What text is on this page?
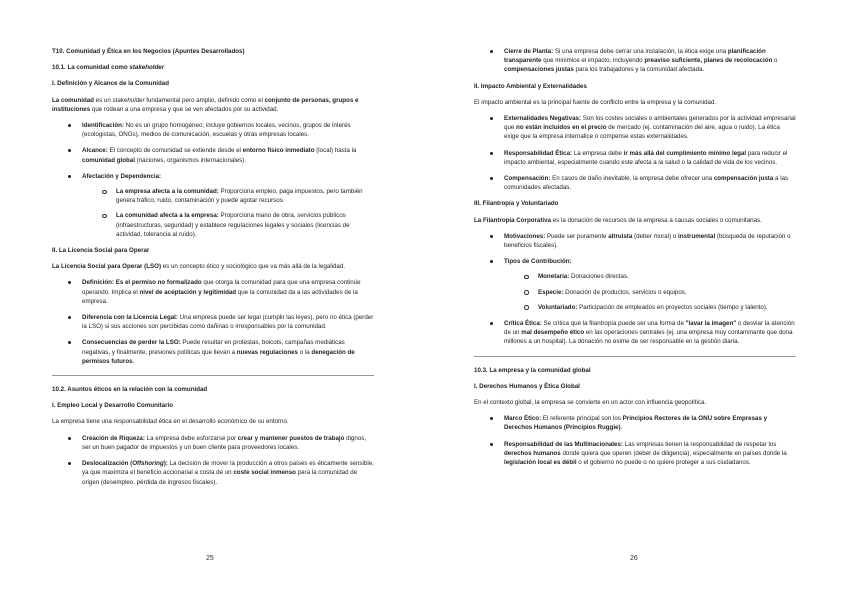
T10. Comunidad y Ética en los Negocios (Apuntes Desarrollados)

10.1. La comunidad como stakeholder

I. Definición y Alcance de la Comunidad

La comunidad es un stakeholder fundamental pero amplio, definido como el conjunto de personas, grupos e instituciones que rodean a una empresa y que se ven afectados por su actividad.

Identificación: No es un grupo homogéneo; incluye gobiernos locales, vecinos, grupos de interés (ecologistas, ONGs), medios de comunicación, escuelas y otras empresas locales.
Alcance: El concepto de comunidad se extiende desde el entorno físico inmediato (local) hasta la comunidad global (naciones, organismos internacionales).
Afectación y Dependencia:
La empresa afecta a la comunidad: Proporciona empleo, paga impuestos, pero también genera tráfico, ruido, contaminación y puede agotar recursos.
La comunidad afecta a la empresa: Proporciona mano de obra, servicios públicos (infraestructuras, seguridad) y establece regulaciones legales y sociales (licencias de actividad, tolerancia al ruido).

II. La Licencia Social para Operar

La Licencia Social para Operar (LSO) es un concepto ético y sociológico que va más allá de la legalidad.

Definición: Es el permiso no formalizado que otorga la comunidad para que una empresa continúe operando. Implica el nivel de aceptación y legitimidad que la comunidad da a las actividades de la empresa.
Diferencia con la Licencia Legal: Una empresa puede ser legal (cumplir las leyes), pero no ética (perder la LSO) si sus acciones son percibidas como dañinas o irresponsables por la comunidad.
Consecuencias de perder la LSO: Puede resultar en protestas, boicots, campañas mediáticas negativas, y finalmente, presiones políticas que llevan a nuevas regulaciones o la denegación de permisos futuros.

10.2. Asuntos éticos en la relación con la comunidad

I. Empleo Local y Desarrollo Comunitario

La empresa tiene una responsabilidad ética en el desarrollo económico de su entorno.

Creación de Riqueza: La empresa debe esforzarse por crear y mantener puestos de trabajo dignos, ser un buen pagador de impuestos y un buen cliente para proveedores locales.
Deslocalización (Offshoring): La decisión de mover la producción a otros países es éticamente sensible, ya que maximiza el beneficio accionarial a costa de un coste social inmenso para la comunidad de origen (desempleo, pérdida de ingresos fiscales).
25
Cierre de Planta: Si una empresa debe cerrar una instalación, la ética exige una planificación transparente que minimice el impacto, incluyendo preaviso suficiente, planes de recolocación o compensaciones justas para los trabajadores y la comunidad afectada.

II. Impacto Ambiental y Externalidades

El impacto ambiental es la principal fuente de conflicto entre la empresa y la comunidad.

Externalidades Negativas: Son los costes sociales o ambientales generados por la actividad empresarial que no están incluidos en el precio de mercado (ej. contaminación del aire, agua o ruido). La ética exige que la empresa internalice o compense estas externalidades.
Responsabilidad Ética: La empresa debe ir más allá del cumplimiento mínimo legal para reducir el impacto ambiental, especialmente cuando este afecta a la salud o la calidad de vida de los vecinos.
Compensación: En casos de daño inevitable, la empresa debe ofrecer una compensación justa a las comunidades afectadas.

III. Filantropía y Voluntariado

La Filantropía Corporativa es la donación de recursos de la empresa a causas sociales o comunitarias.

Motivaciones: Puede ser puramente altruista (deber moral) o instrumental (búsqueda de reputación o beneficios fiscales).
Tipos de Contribución:
Monetaria: Donaciones directas.
Especie: Donación de productos, servicios o equipos.
Voluntariado: Participación de empleados en proyectos sociales (tiempo y talento).
Crítica Ética: Se critica que la filantropía puede ser una forma de "lavar la imagen" o desviar la atención de un mal desempeño ético en las operaciones centrales (ej. una empresa muy contaminante que dona millones a un hospital). La donación no exime de ser responsable en la gestión diaria.

10.3. La empresa y la comunidad global

I. Derechos Humanos y Ética Global

En el contexto global, la empresa se convierte en un actor con influencia geopolítica.

Marco Ético: El referente principal son los Principios Rectores de la ONU sobre Empresas y Derechos Humanos (Principios Ruggie).
Responsabilidad de las Multinacionales: Las empresas tienen la responsabilidad de respetar los derechos humanos donde quiera que operen (deber de diligencia), especialmente en países donde la legislación local es débil o el gobierno no puede o no quiere proteger a sus ciudadanos.
26
